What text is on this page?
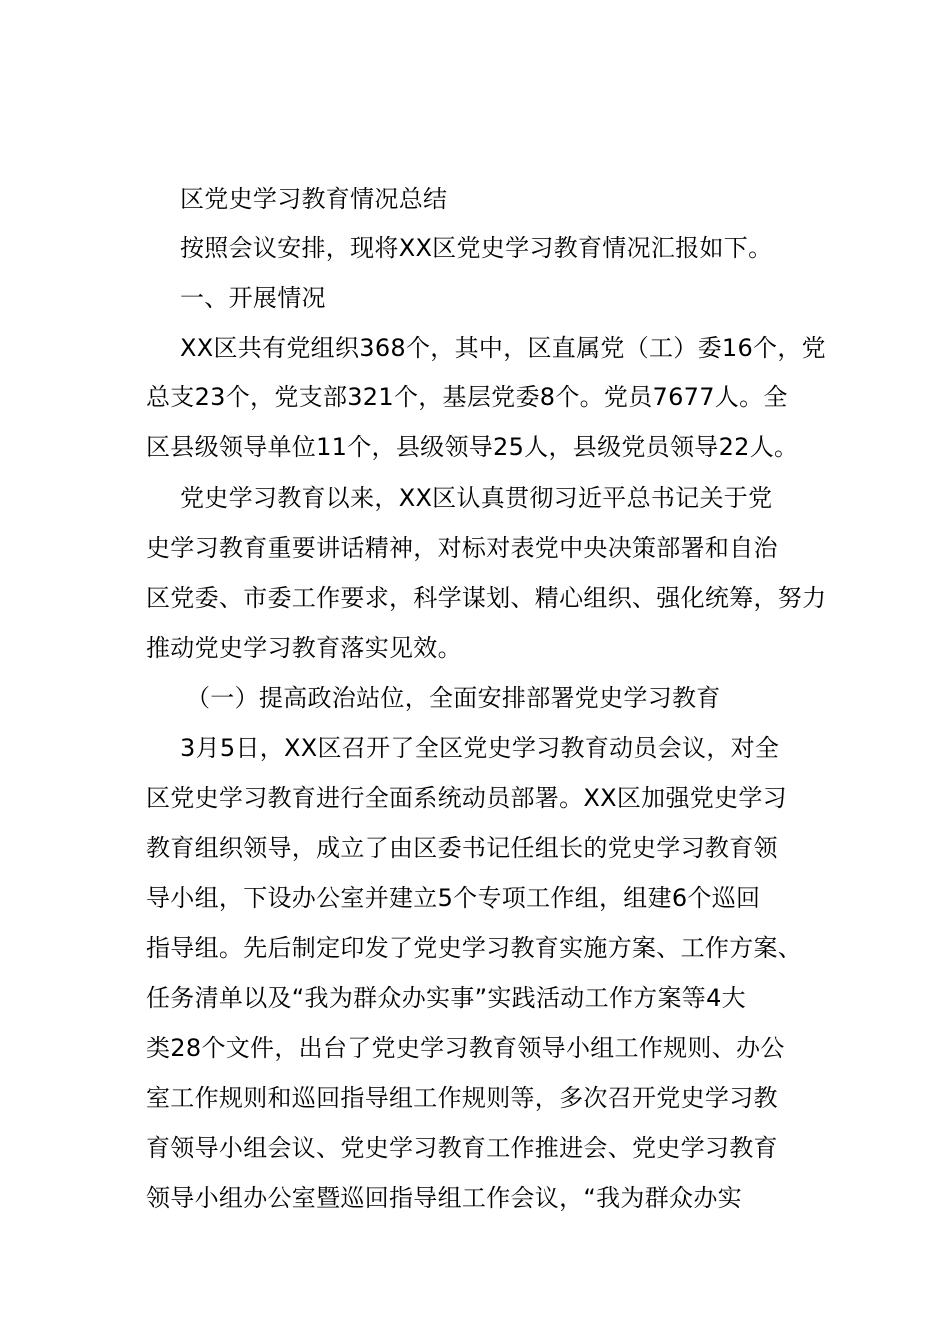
区党史学习教育情况总结
按照会议安排，现将XX区党史学习教育情况汇报如下。
一、开展情况
XX区共有党组织368个，其中，区直属党（工）委16个，党
总支23个，党支部321个，基层党委8个。党员7677人。全
区县级领导单位11个，县级领导25人，县级党员领导22人。
党史学习教育以来，XX区认真贯彻习近平总书记关于党
史学习教育重要讲话精神，对标对表党中央决策部署和自治
区党委、市委工作要求，科学谋划、精心组织、强化统筹，努力
推动党史学习教育落实见效。
（一）提高政治站位，全面安排部署党史学习教育
3月5日，XX区召开了全区党史学习教育动员会议，对全
区党史学习教育进行全面系统动员部署。XX区加强党史学习
教育组织领导，成立了由区委书记任组长的党史学习教育领
导小组，下设办公室并建立5个专项工作组，组建6个巡回
指导组。先后制定印发了党史学习教育实施方案、工作方案、
任务清单以及“我为群众办实事”实践活动工作方案等4大
类28个文件，出台了党史学习教育领导小组工作规则、办公
室工作规则和巡回指导组工作规则等，多次召开党史学习教
育领导小组会议、党史学习教育工作推进会、党史学习教育
领导小组办公室暨巡回指导组工作会议，“我为群众办实
